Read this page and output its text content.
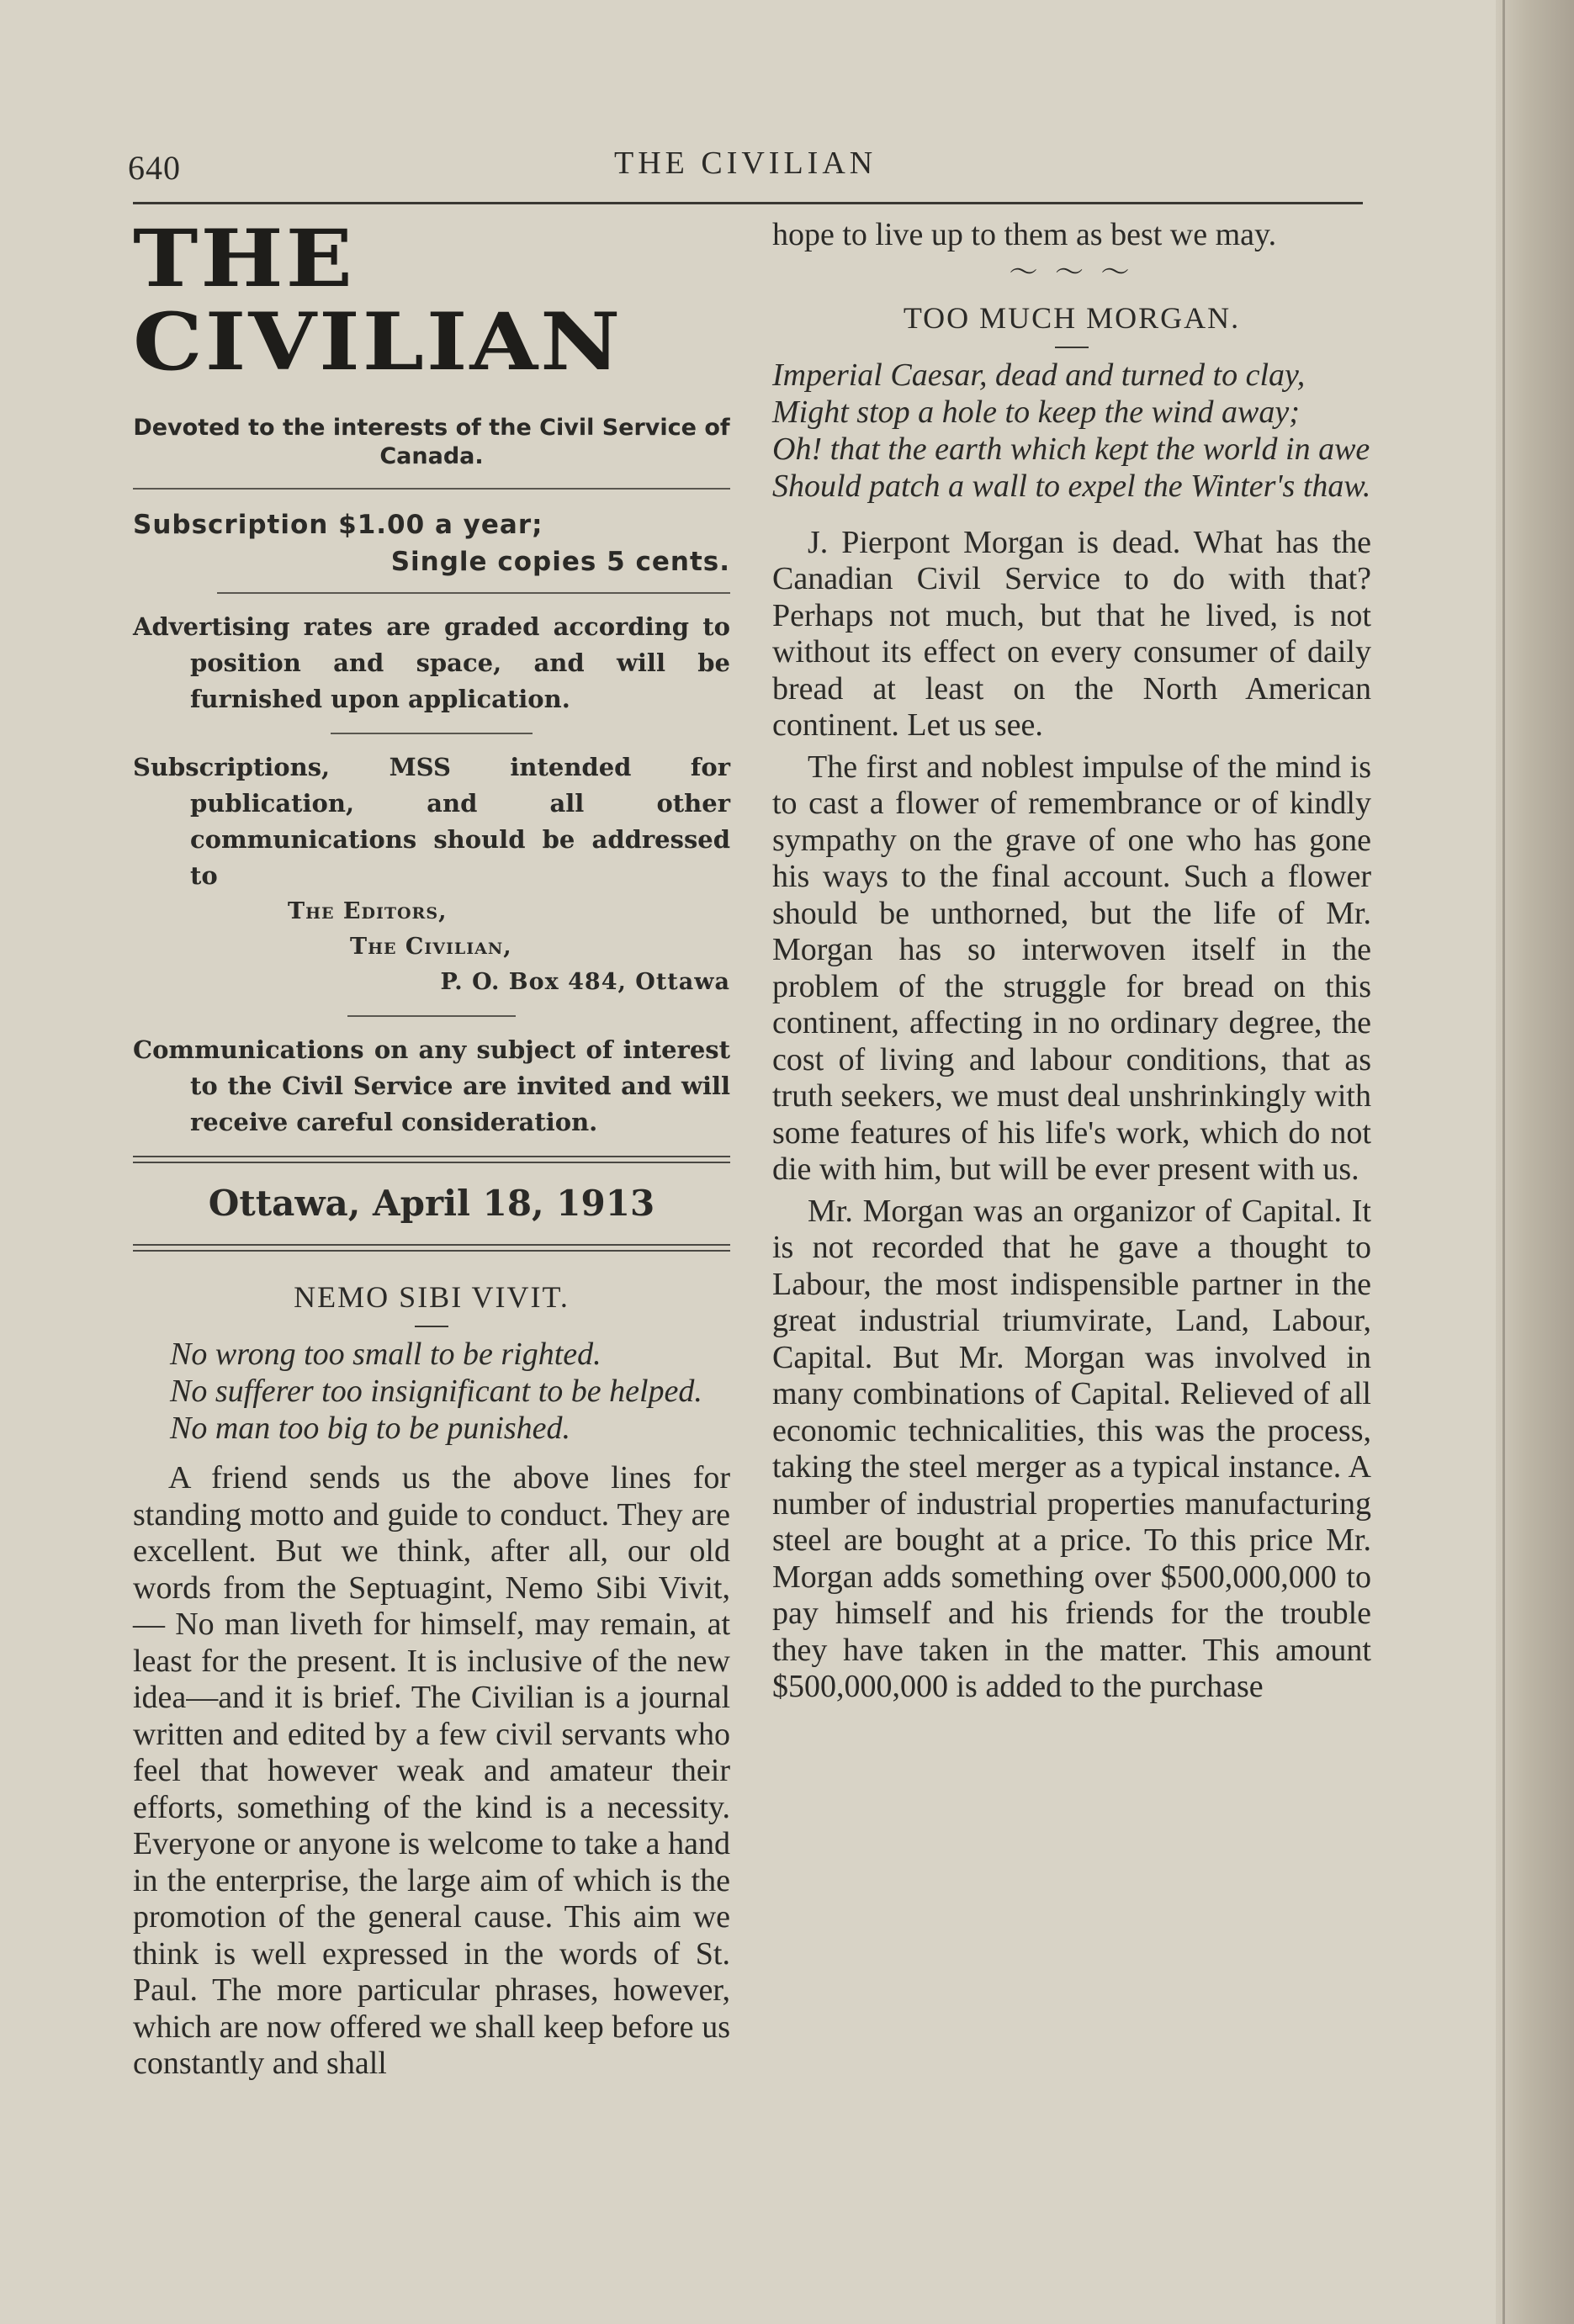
640	THE CIVILIAN
THE CIVILIAN
Devoted to the interests of the Civil Service of Canada.
Subscription $1.00 a year;
Single copies 5 cents.
Advertising rates are graded according to position and space, and will be furnished upon application.
Subscriptions, MSS intended for publication, and all other communications should be addressed to
The Editors,
The Civilian,
P. O. Box 484, Ottawa
Communications on any subject of interest to the Civil Service are invited and will receive careful consideration.
Ottawa, April 18, 1913
NEMO SIBI VIVIT.

No wrong too small to be righted.

No sufferer too insignificant to be helped.

No man too big to be punished.

A friend sends us the above lines for standing motto and guide to conduct. They are excellent. But we think, after all, our old words from the Septuagint, Nemo Sibi Vivit,— No man liveth for himself, may remain, at least for the present. It is inclusive of the new idea—and it is brief. The Civilian is a journal written and edited by a few civil servants who feel that however weak and amateur their efforts, something of the kind is a necessity. Everyone or anyone is welcome to take a hand in the enterprise, the large aim of which is the promotion of the general cause. This aim we think is well expressed in the words of St. Paul. The more particular phrases, however, which are now offered we shall keep before us constantly and shall

hope to live up to them as best we may.

〜 〜 〜
TOO MUCH MORGAN.

Imperial Caesar, dead and turned to clay,

Might stop a hole to keep the wind away;

Oh! that the earth which kept the world in awe

Should patch a wall to expel the Winter's thaw.

J. Pierpont Morgan is dead. What has the Canadian Civil Service to do with that? Perhaps not much, but that he lived, is not without its effect on every consumer of daily bread at least on the North American continent. Let us see.

The first and noblest impulse of the mind is to cast a flower of remembrance or of kindly sympathy on the grave of one who has gone his ways to the final account. Such a flower should be unthorned, but the life of Mr. Morgan has so interwoven itself in the problem of the struggle for bread on this continent, affecting in no ordinary degree, the cost of living and labour conditions, that as truth seekers, we must deal unshrinkingly with some features of his life's work, which do not die with him, but will be ever present with us.

Mr. Morgan was an organizor of Capital. It is not recorded that he gave a thought to Labour, the most indispensible partner in the great industrial triumvirate, Land, Labour, Capital. But Mr. Morgan was involved in many combinations of Capital. Relieved of all economic technicalities, this was the process, taking the steel merger as a typical instance. A number of industrial properties manufacturing steel are bought at a price. To this price Mr. Morgan adds something over $500,000,000 to pay himself and his friends for the trouble they have taken in the matter. This amount $500,000,000 is added to the purchase
